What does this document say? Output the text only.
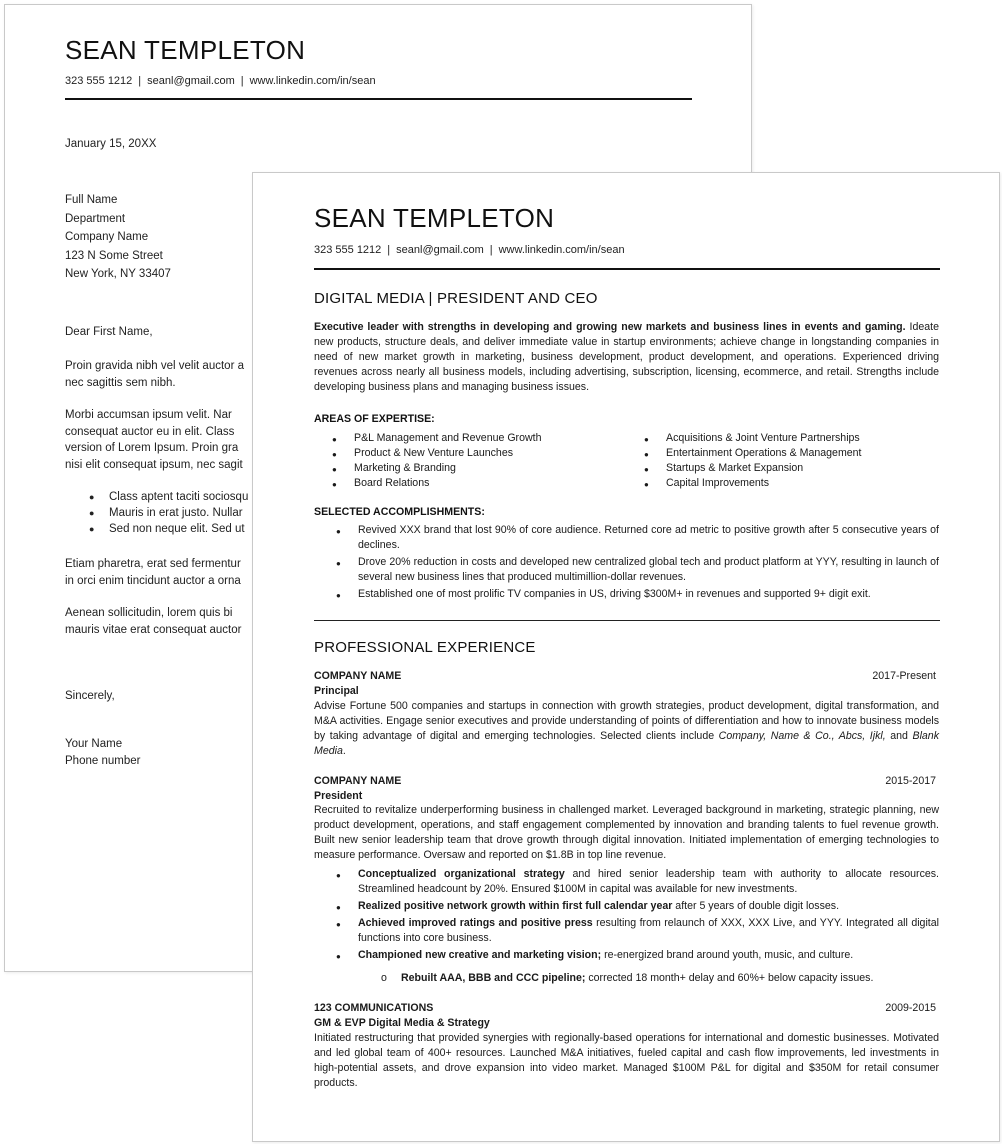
SEAN TEMPLETON
323 555 1212 | seanl@gmail.com | www.linkedin.com/in/sean
January 15, 20XX
Full Name
Department
Company Name
123 N Some Street
New York, NY 33407
Dear First Name,
Proin gravida nibh vel velit auctor a
nec sagittis sem nibh.
Morbi accumsan ipsum velit. Nar
consequat auctor eu in elit. Class
version of Lorem Ipsum. Proin gra
nisi elit consequat ipsum, nec sagit
● Class aptent taciti sociosqu
● Mauris in erat justo. Nullar
● Sed non neque elit. Sed ut
Etiam pharetra, erat sed fermentur
in orci enim tincidunt auctor a orna
Aenean sollicitudin, lorem quis bi
mauris vitae erat consequat auctor
Sincerely,
Your Name
Phone number
SEAN TEMPLETON
323 555 1212 | seanl@gmail.com | www.linkedin.com/in/sean
DIGITAL MEDIA | PRESIDENT AND CEO
Executive leader with strengths in developing and growing new markets and business lines in events and gaming. Ideate new products, structure deals, and deliver immediate value in startup environments; achieve change in longstanding companies in need of new market growth in marketing, business development, product development, and operations. Experienced driving revenues across nearly all business models, including advertising, subscription, licensing, ecommerce, and retail. Strengths include developing business plans and managing business issues.
AREAS OF EXPERTISE:
● P&L Management and Revenue Growth
● Product & New Venture Launches
● Marketing & Branding
● Board Relations
● Acquisitions & Joint Venture Partnerships
● Entertainment Operations & Management
● Startups & Market Expansion
● Capital Improvements
SELECTED ACCOMPLISHMENTS:
● Revived XXX brand that lost 90% of core audience. Returned core ad metric to positive growth after 5 consecutive years of declines.
● Drove 20% reduction in costs and developed new centralized global tech and product platform at YYY, resulting in launch of several new business lines that produced multimillion-dollar revenues.
● Established one of most prolific TV companies in US, driving $300M+ in revenues and supported 9+ digit exit.
PROFESSIONAL EXPERIENCE
COMPANY NAME	2017-Present
Principal
Advise Fortune 500 companies and startups in connection with growth strategies, product development, digital transformation, and M&A activities. Engage senior executives and provide understanding of points of differentiation and how to innovate business models by taking advantage of digital and emerging technologies. Selected clients include Company, Name & Co., Abcs, Ijkl, and Blank Media.
COMPANY NAME	2015-2017
President
Recruited to revitalize underperforming business in challenged market. Leveraged background in marketing, strategic planning, new product development, operations, and staff engagement complemented by innovation and branding talents to fuel revenue growth. Built new senior leadership team that drove growth through digital innovation. Initiated implementation of emerging technologies to measure performance. Oversaw and reported on $1.8B in top line revenue.
● Conceptualized organizational strategy and hired senior leadership team with authority to allocate resources. Streamlined headcount by 20%. Ensured $100M in capital was available for new investments.
● Realized positive network growth within first full calendar year after 5 years of double digit losses.
● Achieved improved ratings and positive press resulting from relaunch of XXX, XXX Live, and YYY. Integrated all digital functions into core business.
● Championed new creative and marketing vision; re-energized brand around youth, music, and culture.
o Rebuilt AAA, BBB and CCC pipeline; corrected 18 month+ delay and 60%+ below capacity issues.
123 COMMUNICATIONS	2009-2015
GM & EVP Digital Media & Strategy
Initiated restructuring that provided synergies with regionally-based operations for international and domestic businesses. Motivated and led global team of 400+ resources. Launched M&A initiatives, fueled capital and cash flow improvements, led investments in high-potential assets, and drove expansion into video market. Managed $100M P&L for digital and $350M for retail consumer products.
